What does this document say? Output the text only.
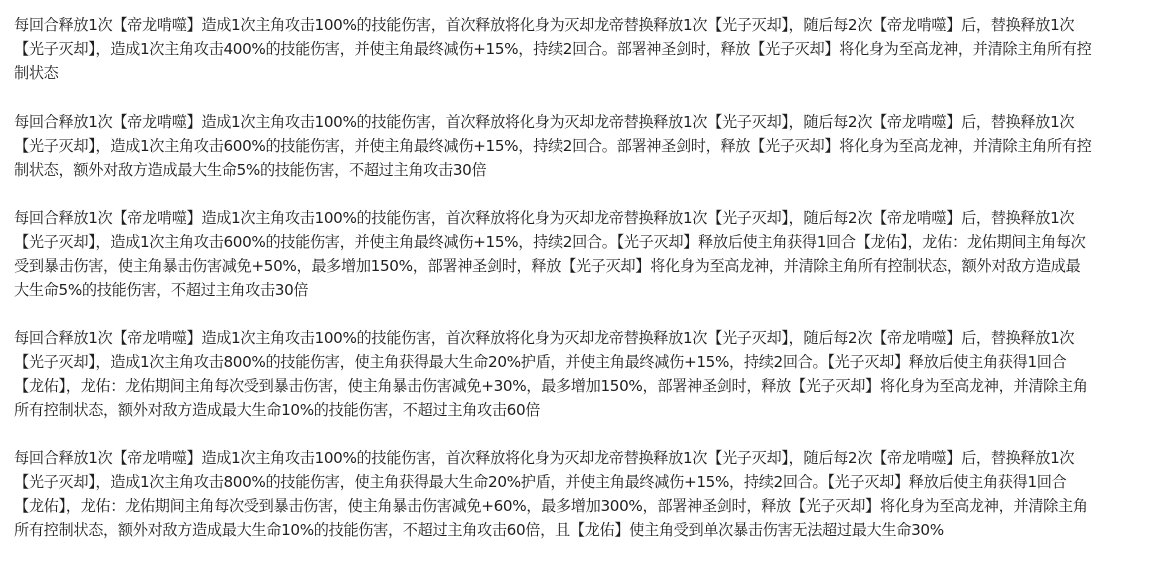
每回合释放1次【帝龙啃噬】造成1次主角攻击100%的技能伤害，首次释放将化身为灭却龙帝替换释放1次【光子灭却】，随后每2次【帝龙啃噬】后，替换释放1次
【光子灭却】，造成1次主角攻击400%的技能伤害，并使主角最终减伤+15%，持续2回合。部署神圣剑时，释放【光子灭却】将化身为至高龙神，并清除主角所有控
制状态
每回合释放1次【帝龙啃噬】造成1次主角攻击100%的技能伤害，首次释放将化身为灭却龙帝替换释放1次【光子灭却】，随后每2次【帝龙啃噬】后，替换释放1次
【光子灭却】，造成1次主角攻击600%的技能伤害，并使主角最终减伤+15%，持续2回合。部署神圣剑时，释放【光子灭却】将化身为至高龙神，并清除主角所有控
制状态，额外对敌方造成最大生命5%的技能伤害，不超过主角攻击30倍
每回合释放1次【帝龙啃噬】造成1次主角攻击100%的技能伤害，首次释放将化身为灭却龙帝替换释放1次【光子灭却】，随后每2次【帝龙啃噬】后，替换释放1次
【光子灭却】，造成1次主角攻击600%的技能伤害，并使主角最终减伤+15%，持续2回合。【光子灭却】释放后使主角获得1回合【龙佑】，龙佑：龙佑期间主角每次
受到暴击伤害，使主角暴击伤害减免+50%，最多增加150%，部署神圣剑时，释放【光子灭却】将化身为至高龙神，并清除主角所有控制状态，额外对敌方造成最
大生命5%的技能伤害，不超过主角攻击30倍
每回合释放1次【帝龙啃噬】造成1次主角攻击100%的技能伤害，首次释放将化身为灭却龙帝替换释放1次【光子灭却】，随后每2次【帝龙啃噬】后，替换释放1次
【光子灭却】，造成1次主角攻击800%的技能伤害，使主角获得最大生命20%护盾，并使主角最终减伤+15%，持续2回合。【光子灭却】释放后使主角获得1回合
【龙佑】，龙佑：龙佑期间主角每次受到暴击伤害，使主角暴击伤害减免+30%，最多增加150%，部署神圣剑时，释放【光子灭却】将化身为至高龙神，并清除主角
所有控制状态，额外对敌方造成最大生命10%的技能伤害，不超过主角攻击60倍
每回合释放1次【帝龙啃噬】造成1次主角攻击100%的技能伤害，首次释放将化身为灭却龙帝替换释放1次【光子灭却】，随后每2次【帝龙啃噬】后，替换释放1次
【光子灭却】，造成1次主角攻击800%的技能伤害，使主角获得最大生命20%护盾，并使主角最终减伤+15%，持续2回合。【光子灭却】释放后使主角获得1回合
【龙佑】，龙佑：龙佑期间主角每次受到暴击伤害，使主角暴击伤害减免+60%，最多增加300%，部署神圣剑时，释放【光子灭却】将化身为至高龙神，并清除主角
所有控制状态，额外对敌方造成最大生命10%的技能伤害，不超过主角攻击60倍，且【龙佑】使主角受到单次暴击伤害无法超过最大生命30%
